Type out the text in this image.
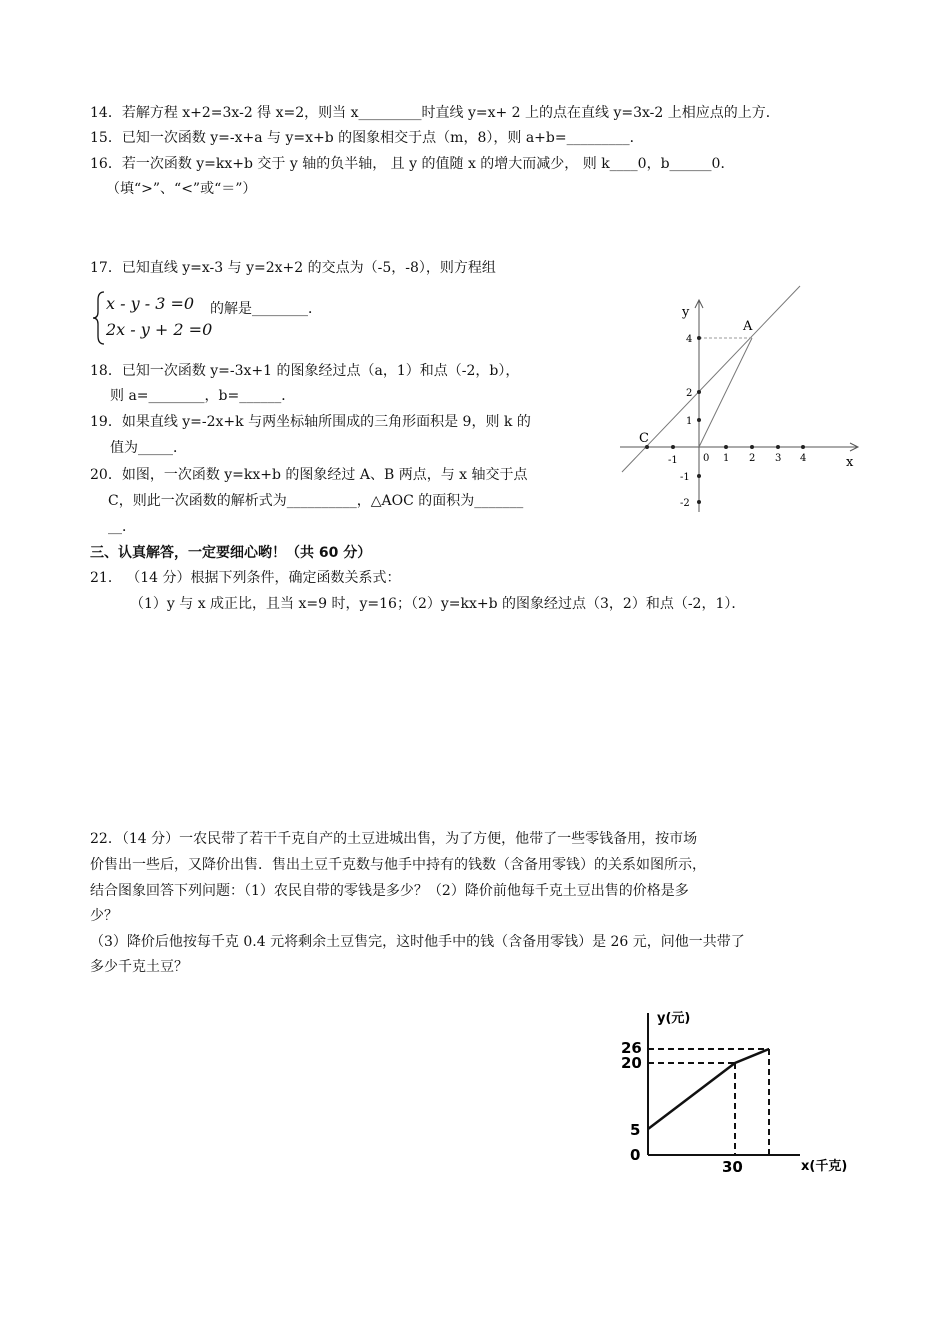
14．若解方程 x+2=3x-2 得 x=2，则当 x_________时直线 y=x+ 2 上的点在直线 y=3x-2 上相应点的上方．
15．已知一次函数 y=-x+a 与 y=x+b 的图象相交于点（m，8），则 a+b=_________．
16．若一次函数 y=kx+b 交于 y 轴的负半轴， 且 y 的值随 x 的增大而减少， 则 k____0，b______0．
（填“>”、“<”或“＝”）
17．已知直线 y=x-3 与 y=2x+2 的交点为（-5，-8），则方程组
x - y - 3 =0
2x - y + 2 =0
的解是________．
18．已知一次函数 y=-3x+1 的图象经过点（a，1）和点（-2，b），
则 a=________，b=______．
19．如果直线 y=-2x+k 与两坐标轴所围成的三角形面积是 9，则 k 的
值为_____．
20．如图，一次函数 y=kx+b 的图象经过 A、B 两点，与 x 轴交于点
C，则此一次函数的解析式为__________，△AOC 的面积为_______
__．
三、认真解答，一定要细心哟！（共 60 分）
21． （14 分）根据下列条件，确定函数关系式：
（1）y 与 x 成正比，且当 x=9 时，y=16；（2）y=kx+b 的图象经过点（3，2）和点（-2，1）．
22．（14 分）一农民带了若干千克自产的土豆进城出售，为了方便，他带了一些零钱备用，按市场
价售出一些后，又降价出售．售出土豆千克数与他手中持有的钱数（含备用零钱）的关系如图所示，
结合图象回答下列问题：（1）农民自带的零钱是多少？（2）降价前他每千克土豆出售的价格是多
少？
（3）降价后他按每千克 0.4 元将剩余土豆售完，这时他手中的钱（含备用零钱）是 26 元，问他一共带了
多少千克土豆？
y
x
A
C
0
-1	1 2 3 4
4
2
1
-1
-2
y(元)
x(千克)
26
20
5
0
30
